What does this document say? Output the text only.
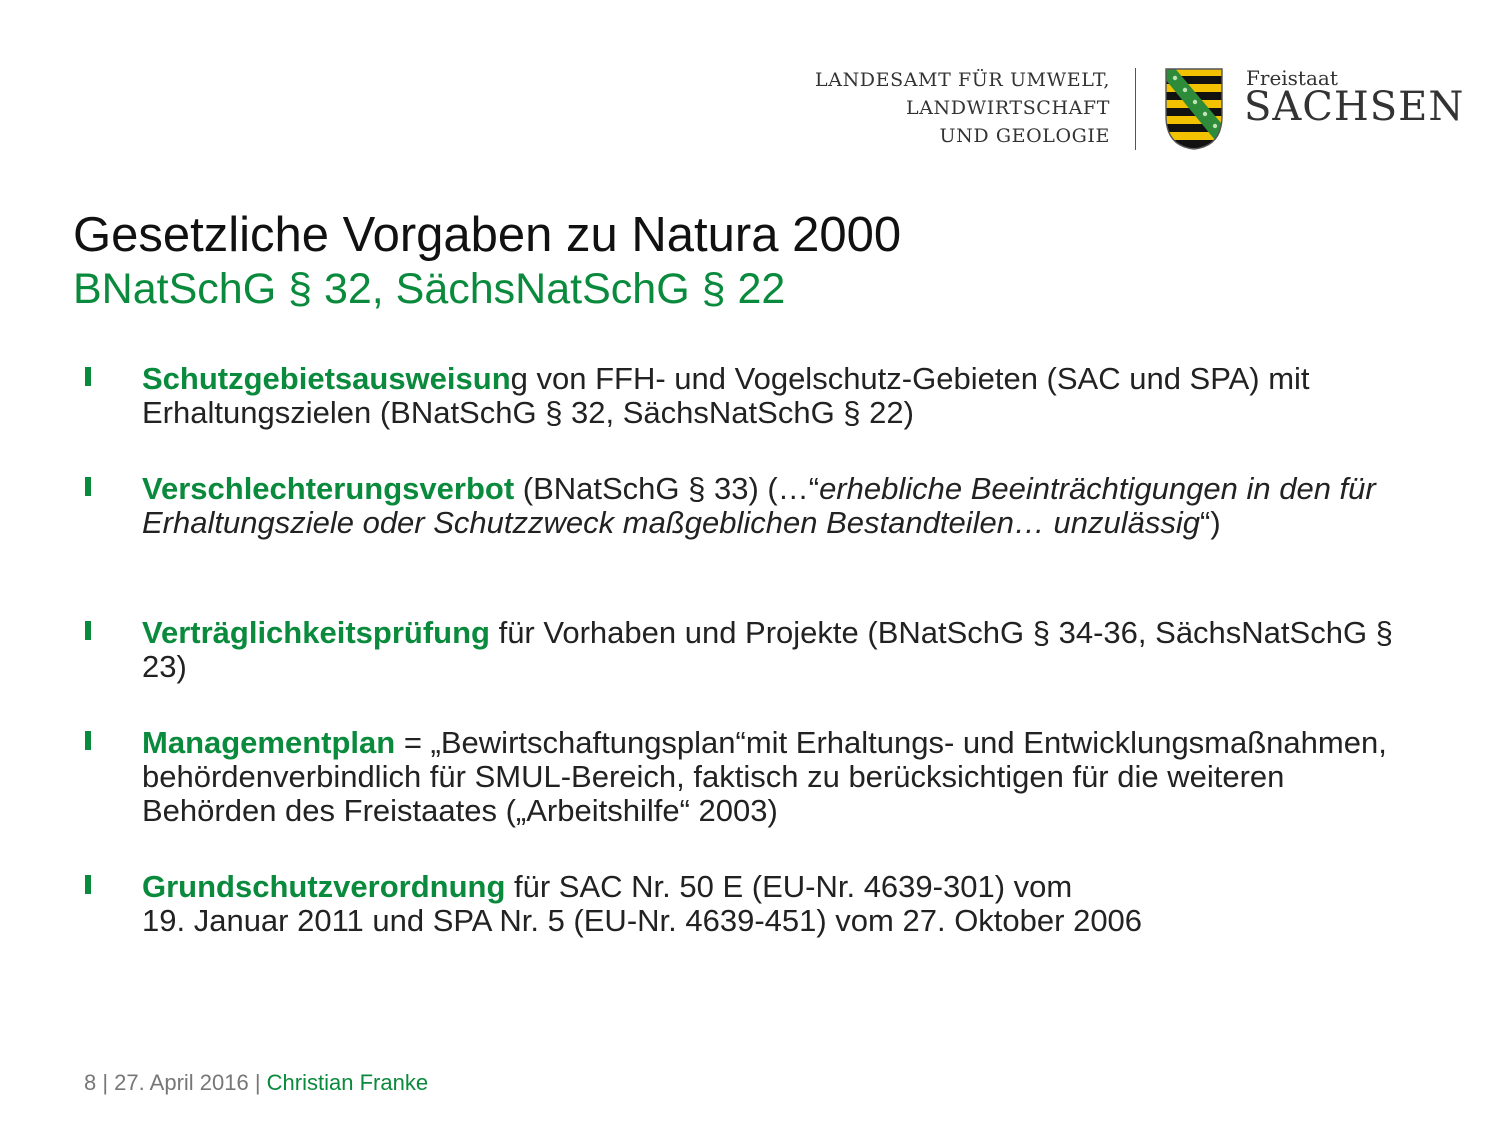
LANDESAMT FÜR UMWELT,
LANDWIRTSCHAFT
UND GEOLOGIE
Freistaat
SACHSEN
Gesetzliche Vorgaben zu Natura 2000
BNatSchG § 32, SächsNatSchG § 22
Schutzgebietsausweisung von FFH- und Vogelschutz-Gebieten (SAC und SPA) mit Erhaltungszielen (BNatSchG § 32, SächsNatSchG § 22)
Verschlechterungsverbot (BNatSchG § 33) (…“erhebliche Beeinträchtigungen in den für Erhaltungsziele oder Schutzzweck maßgeblichen Bestandteilen… unzulässig“)
Verträglichkeitsprüfung für Vorhaben und Projekte (BNatSchG § 34-36, SächsNatSchG § 23)
Managementplan = „Bewirtschaftungsplan“mit Erhaltungs- und Entwicklungsmaßnahmen, behördenverbindlich für SMUL-Bereich, faktisch zu berücksichtigen für die weiteren Behörden des Freistaates („Arbeitshilfe“ 2003)
Grundschutzverordnung für SAC Nr. 50 E (EU-Nr. 4639-301) vom
19. Januar 2011 und SPA Nr. 5 (EU-Nr. 4639-451) vom 27. Oktober 2006
8 | 27. April 2016 | Christian Franke
